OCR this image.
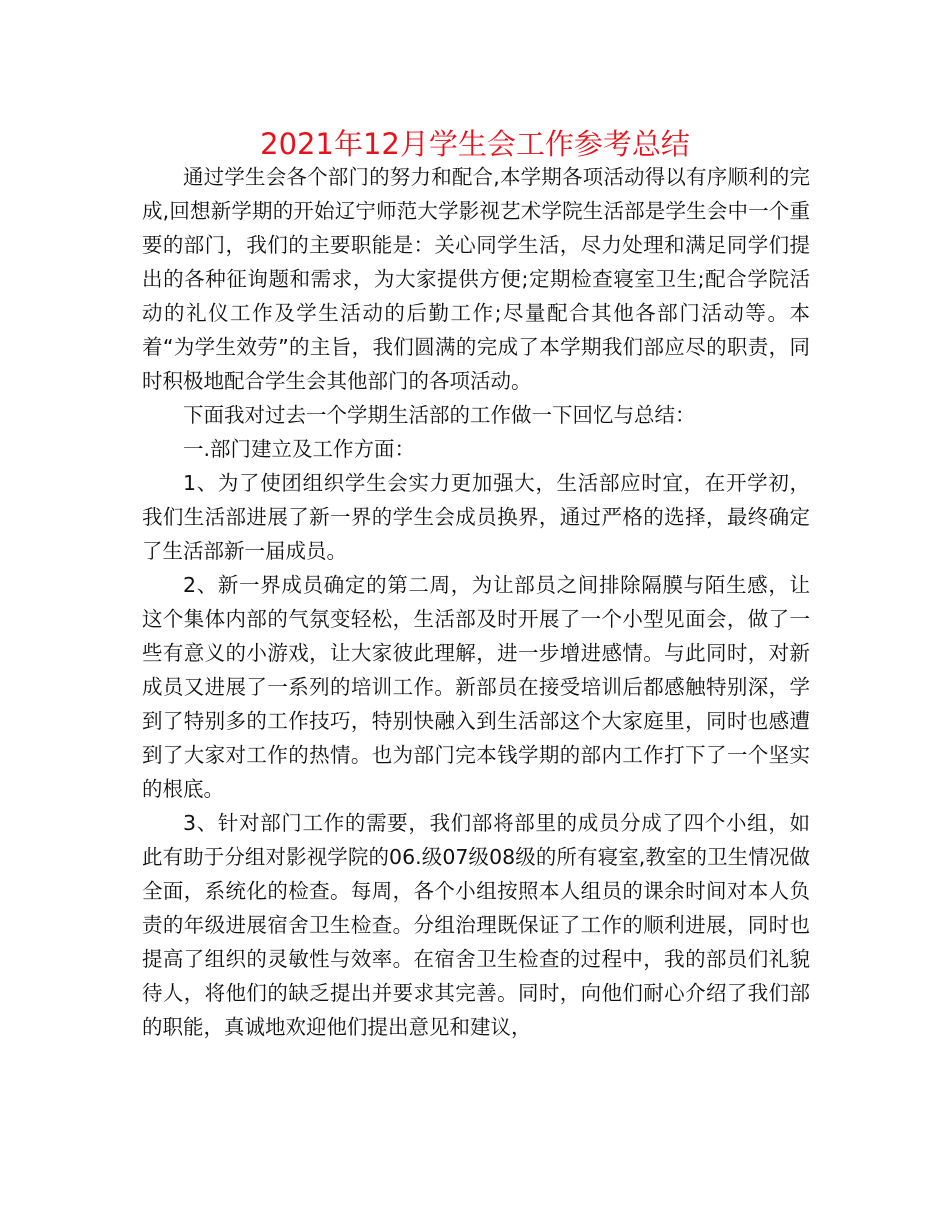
2021年12月学生会工作参考总结

通过学生会各个部门的努力和配合,本学期各项活动得以有序顺利的完成,回想新学期的开始辽宁师范大学影视艺术学院生活部是学生会中一个重要的部门，我们的主要职能是：关心同学生活，尽力处理和满足同学们提出的各种征询题和需求，为大家提供方便;定期检查寝室卫生;配合学院活动的礼仪工作及学生活动的后勤工作;尽量配合其他各部门活动等。本着“为学生效劳”的主旨，我们圆满的完成了本学期我们部应尽的职责，同时积极地配合学生会其他部门的各项活动。

下面我对过去一个学期生活部的工作做一下回忆与总结：

一.部门建立及工作方面：

1、为了使团组织学生会实力更加强大，生活部应时宜，在开学初，我们生活部进展了新一界的学生会成员换界，通过严格的选择，最终确定了生活部新一届成员。

2、新一界成员确定的第二周，为让部员之间排除隔膜与陌生感，让这个集体内部的气氛变轻松，生活部及时开展了一个小型见面会，做了一些有意义的小游戏，让大家彼此理解，进一步增进感情。与此同时，对新成员又进展了一系列的培训工作。新部员在接受培训后都感触特别深，学到了特别多的工作技巧，特别快融入到生活部这个大家庭里，同时也感遭到了大家对工作的热情。也为部门完本钱学期的部内工作打下了一个坚实的根底。

3、针对部门工作的需要，我们部将部里的成员分成了四个小组，如此有助于分组对影视学院的06.级07级08级的所有寝室,教室的卫生情况做全面，系统化的检查。每周，各个小组按照本人组员的课余时间对本人负责的年级进展宿舍卫生检查。分组治理既保证了工作的顺利进展，同时也提高了组织的灵敏性与效率。在宿舍卫生检查的过程中，我的部员们礼貌待人，将他们的缺乏提出并要求其完善。同时，向他们耐心介绍了我们部的职能，真诚地欢迎他们提出意见和建议，
